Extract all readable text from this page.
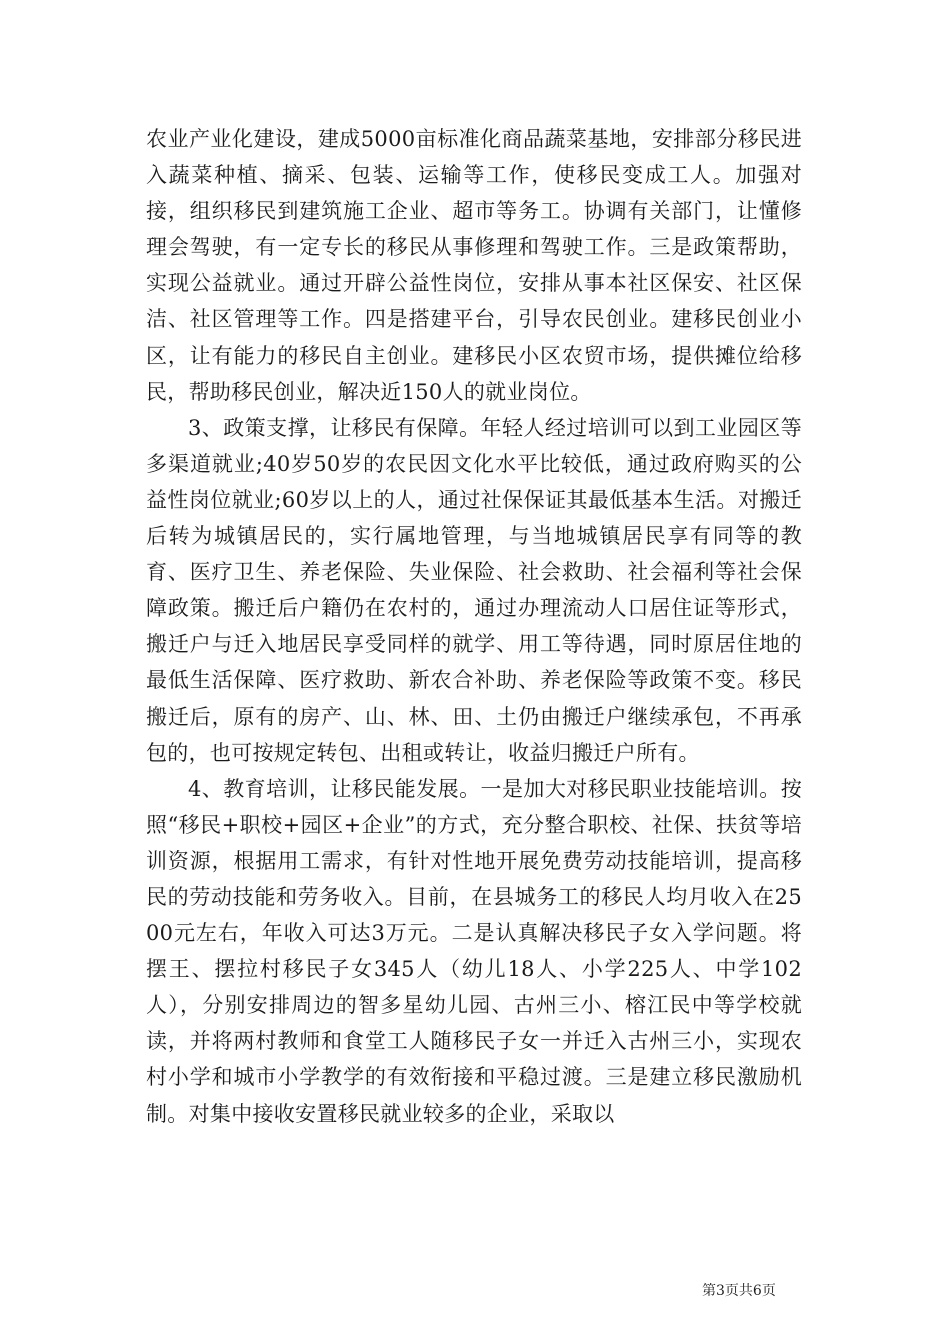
农业产业化建设，建成5000亩标准化商品蔬菜基地，安排部分移民进入蔬菜种植、摘采、包装、运输等工作，使移民变成工人。加强对接，组织移民到建筑施工企业、超市等务工。协调有关部门，让懂修理会驾驶，有一定专长的移民从事修理和驾驶工作。三是政策帮助，实现公益就业。通过开辟公益性岗位，安排从事本社区保安、社区保洁、社区管理等工作。四是搭建平台，引导农民创业。建移民创业小区，让有能力的移民自主创业。建移民小区农贸市场，提供摊位给移民，帮助移民创业，解决近150人的就业岗位。

3、政策支撑，让移民有保障。年轻人经过培训可以到工业园区等多渠道就业;40岁50岁的农民因文化水平比较低，通过政府购买的公益性岗位就业;60岁以上的人，通过社保保证其最低基本生活。对搬迁后转为城镇居民的，实行属地管理，与当地城镇居民享有同等的教育、医疗卫生、养老保险、失业保险、社会救助、社会福利等社会保障政策。搬迁后户籍仍在农村的，通过办理流动人口居住证等形式，搬迁户与迁入地居民享受同样的就学、用工等待遇，同时原居住地的最低生活保障、医疗救助、新农合补助、养老保险等政策不变。移民搬迁后，原有的房产、山、林、田、土仍由搬迁户继续承包，不再承包的，也可按规定转包、出租或转让，收益归搬迁户所有。

4、教育培训，让移民能发展。一是加大对移民职业技能培训。按照“移民+职校+园区+企业”的方式，充分整合职校、社保、扶贫等培训资源，根据用工需求，有针对性地开展免费劳动技能培训，提高移民的劳动技能和劳务收入。目前，在县城务工的移民人均月收入在2500元左右，年收入可达3万元。二是认真解决移民子女入学问题。将摆王、摆拉村移民子女345人（幼儿18人、小学225人、中学102人），分别安排周边的智多星幼儿园、古州三小、榕江民中等学校就读，并将两村教师和食堂工人随移民子女一并迁入古州三小，实现农村小学和城市小学教学的有效衔接和平稳过渡。三是建立移民激励机制。对集中接收安置移民就业较多的企业，采取以

第3页共6页
